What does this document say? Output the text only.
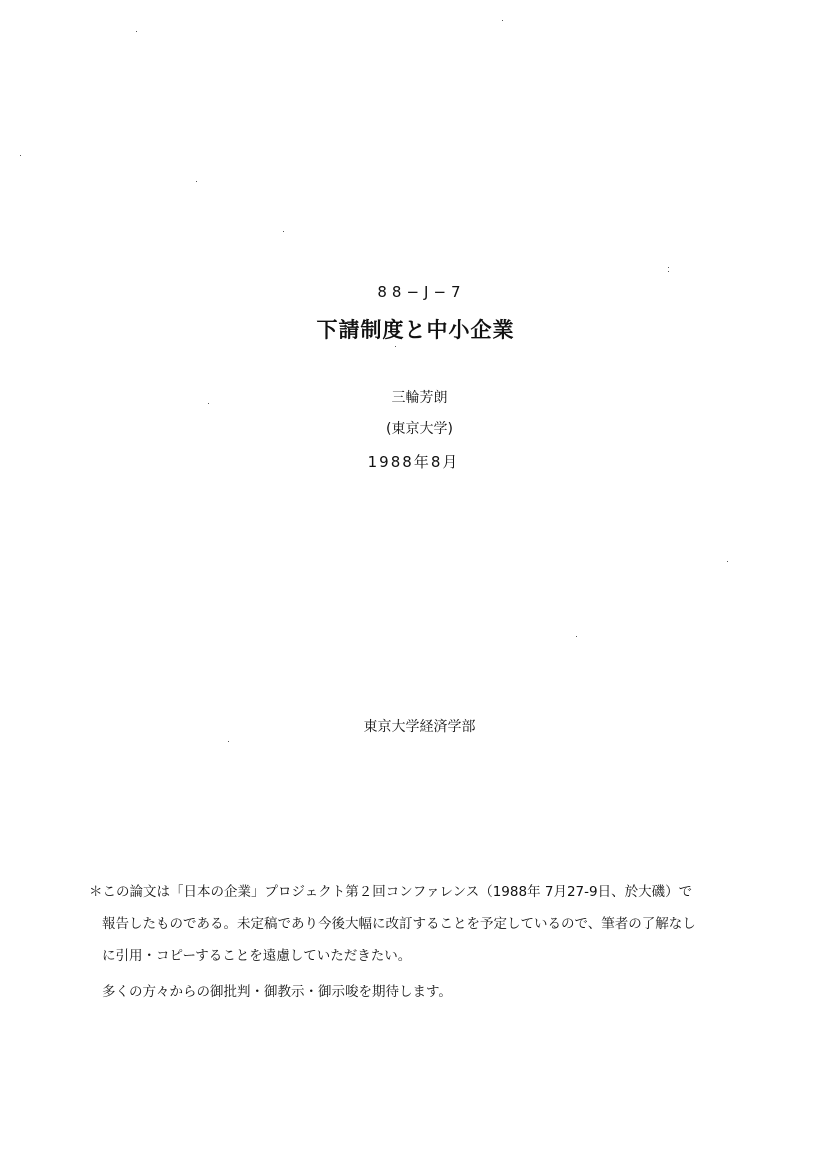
88−J−7
下請制度と中小企業
三輪芳朗
(東京大学)
1988年8月
東京大学経済学部
＊この論文は「日本の企業」プロジェクト第２回コンファレンス（1988年 7月27-9日、於大磯）で
報告したものである。未定稿であり今後大幅に改訂することを予定しているので、筆者の了解なし
に引用・コピーすることを遠慮していただきたい。
多くの方々からの御批判・御教示・御示唆を期待します。
